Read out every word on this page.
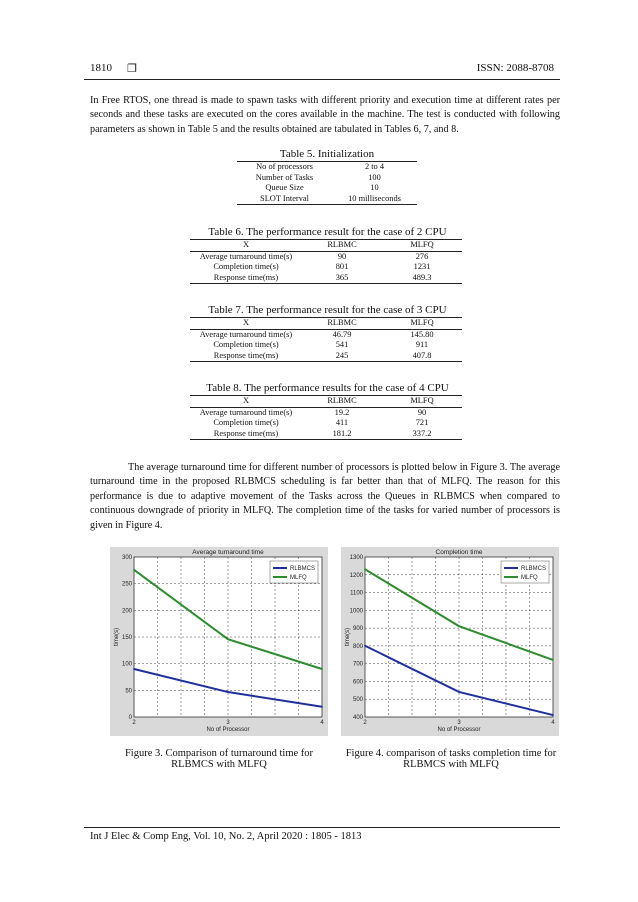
1810 ❐	ISSN: 2088-8708
In Free RTOS, one thread is made to spawn tasks with different priority and execution time at different rates per seconds and these tasks are executed on the cores available in the machine. The test is conducted with following parameters as shown in Table 5 and the results obtained are tabulated in Tables 6, 7, and 8.
Table 5. Initialization
No of processors	2 to 4
Number of Tasks	100
Queue Size	10
SLOT Interval	10 milliseconds
Table 6. The performance result for the case of 2 CPU
X	RLBMC	MLFQ
Average turnaround time(s)	90	276
Completion time(s)	801	1231
Response time(ms)	365	489.3
Table 7. The performance result for the case of 3 CPU
X	RLBMC	MLFQ
Average turnaround time(s)	46.79	145.80
Completion time(s)	541	911
Response time(ms)	245	407.8
Table 8. The performance results for the case of 4 CPU
X	RLBMC	MLFQ
Average turnaround time(s)	19.2	90
Completion time(s)	411	721
Response time(ms)	181.2	337.2
The average turnaround time for different number of processors is plotted below in Figure 3. The average turnaround time in the proposed RLBMCS scheduling is far better than that of MLFQ. The reason for this performance is due to adaptive movement of the Tasks across the Queues in RLBMCS when compared to continuous downgrade of priority in MLFQ. The completion time of the tasks for varied number of processors is given in Figure 4.
Average turnaround time
0
50
100
150
200
250
300
2	3	4
No of Processor
time(s)
RLBMCS
MLFQ
Completion time
400
500
600
700
800
900
1000
1100
1200
1300
2	3	4
No of Processor
time(s)
RLBMCS
MLFQ
Figure 3. Comparison of turnaround time for
RLBMCS with MLFQ
Figure 4. comparison of tasks completion time for
RLBMCS with MLFQ
Int J Elec & Comp Eng, Vol. 10, No. 2, April 2020 : 1805 - 1813
